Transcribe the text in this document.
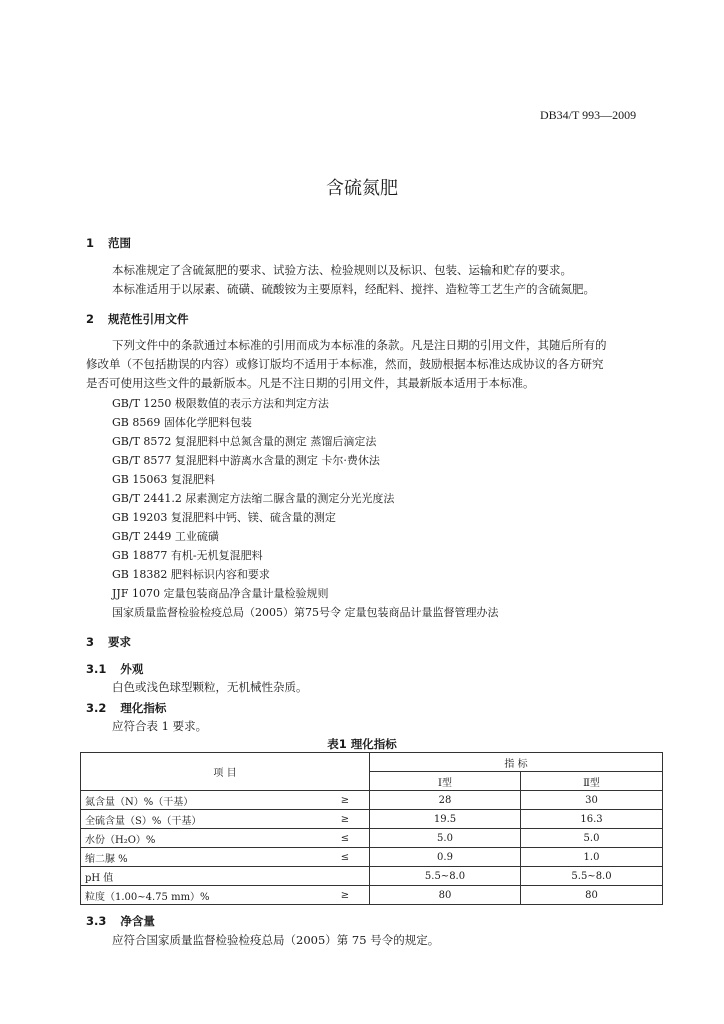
DB34/T 993—2009
含硫氮肥
1 范围
本标准规定了含硫氮肥的要求、试验方法、检验规则以及标识、包装、运输和贮存的要求。
本标准适用于以尿素、硫磺、硫酸铵为主要原料，经配料、搅拌、造粒等工艺生产的含硫氮肥。
2 规范性引用文件
下列文件中的条款通过本标准的引用而成为本标准的条款。凡是注日期的引用文件，其随后所有的
修改单（不包括勘误的内容）或修订版均不适用于本标准，然而，鼓励根据本标准达成协议的各方研究
是否可使用这些文件的最新版本。凡是不注日期的引用文件，其最新版本适用于本标准。
GB/T 1250 极限数值的表示方法和判定方法
GB 8569 固体化学肥料包装
GB/T 8572 复混肥料中总氮含量的测定 蒸馏后滴定法
GB/T 8577 复混肥料中游离水含量的测定 卡尔·费休法
GB 15063 复混肥料
GB/T 2441.2 尿素测定方法缩二脲含量的测定分光光度法
GB 19203 复混肥料中钙、镁、硫含量的测定
GB/T 2449 工业硫磺
GB 18877 有机-无机复混肥料
GB 18382 肥料标识内容和要求
JJF 1070 定量包装商品净含量计量检验规则
国家质量监督检验检疫总局（2005）第75号令 定量包装商品计量监督管理办法
3 要求
3.1 外观
白色或浅色球型颗粒，无机械性杂质。
3.2 理化指标
应符合表 1 要求。
表1 理化指标
项 目		指 标	
		Ⅰ型	Ⅱ型
氮含量（N）%（干基）	≥	28	30
全硫含量（S）%（干基）	≥	19.5	16.3
水份（H₂O）%	≤	5.0	5.0
缩二脲 %	≤	0.9	1.0
pH 值		5.5~8.0	5.5~8.0
粒度（1.00~4.75 mm）%	≥	80	80
3.3 净含量
应符合国家质量监督检验检疫总局（2005）第 75 号令的规定。
